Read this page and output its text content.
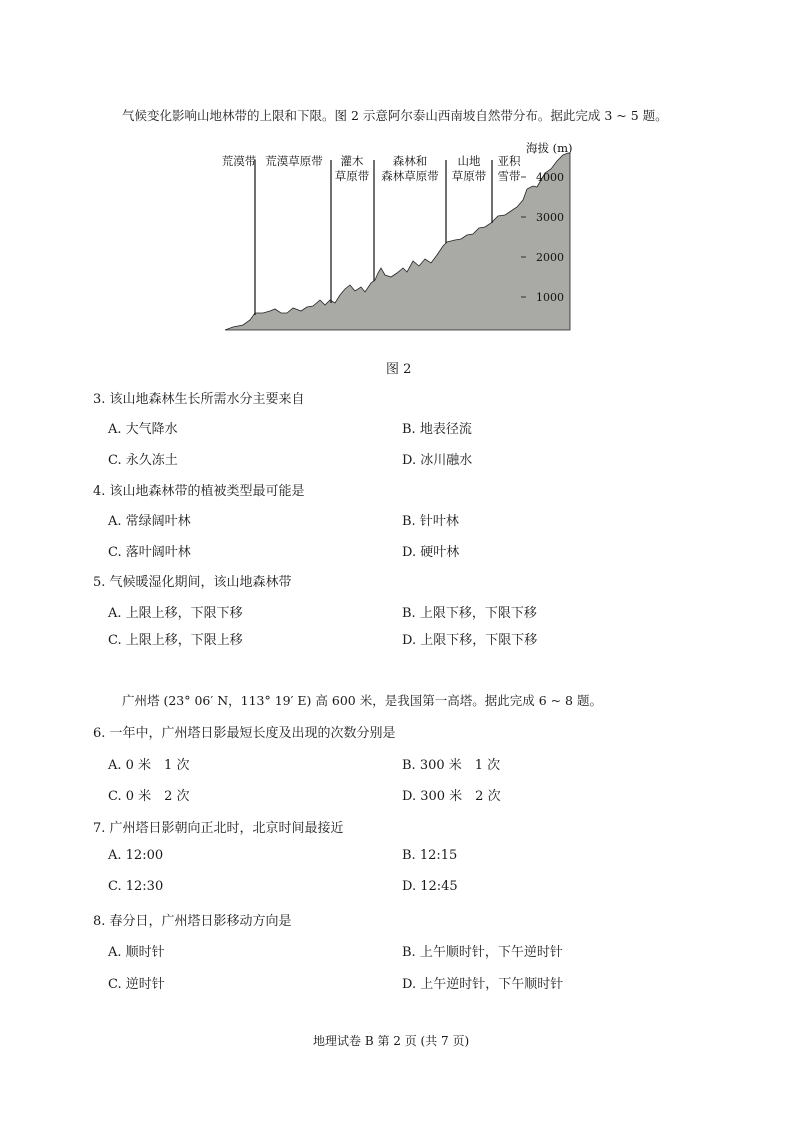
气候变化影响山地林带的上限和下限。图 2 示意阿尔泰山西南坡自然带分布。据此完成 3 ~ 5 题。
海拔 (m)
4000
3000
2000
1000
荒漠带 荒漠草原带 灌木
草原带
森林和
森林草原带
山地
草原带
亚积
雪带
图 2
3. 该山地森林生长所需水分主要来自
A. 大气降水	B. 地表径流
C. 永久冻土	D. 冰川融水
4. 该山地森林带的植被类型最可能是
A. 常绿阔叶林	B. 针叶林
C. 落叶阔叶林	D. 硬叶林
5. 气候暖湿化期间，该山地森林带
A. 上限上移，下限下移	B. 上限下移，下限下移
C. 上限上移，下限上移	D. 上限下移，下限下移
广州塔 (23° 06′ N，113° 19′ E) 高 600 米，是我国第一高塔。据此完成 6 ~ 8 题。
6. 一年中，广州塔日影最短长度及出现的次数分别是
A. 0 米　1 次	B. 300 米　1 次
C. 0 米　2 次	D. 300 米　2 次
7. 广州塔日影朝向正北时，北京时间最接近
A. 12:00	B. 12:15
C. 12:30	D. 12:45
8. 春分日，广州塔日影移动方向是
A. 顺时针	B. 上午顺时针，下午逆时针
C. 逆时针	D. 上午逆时针，下午顺时针
地理试卷 B 第 2 页 (共 7 页)
